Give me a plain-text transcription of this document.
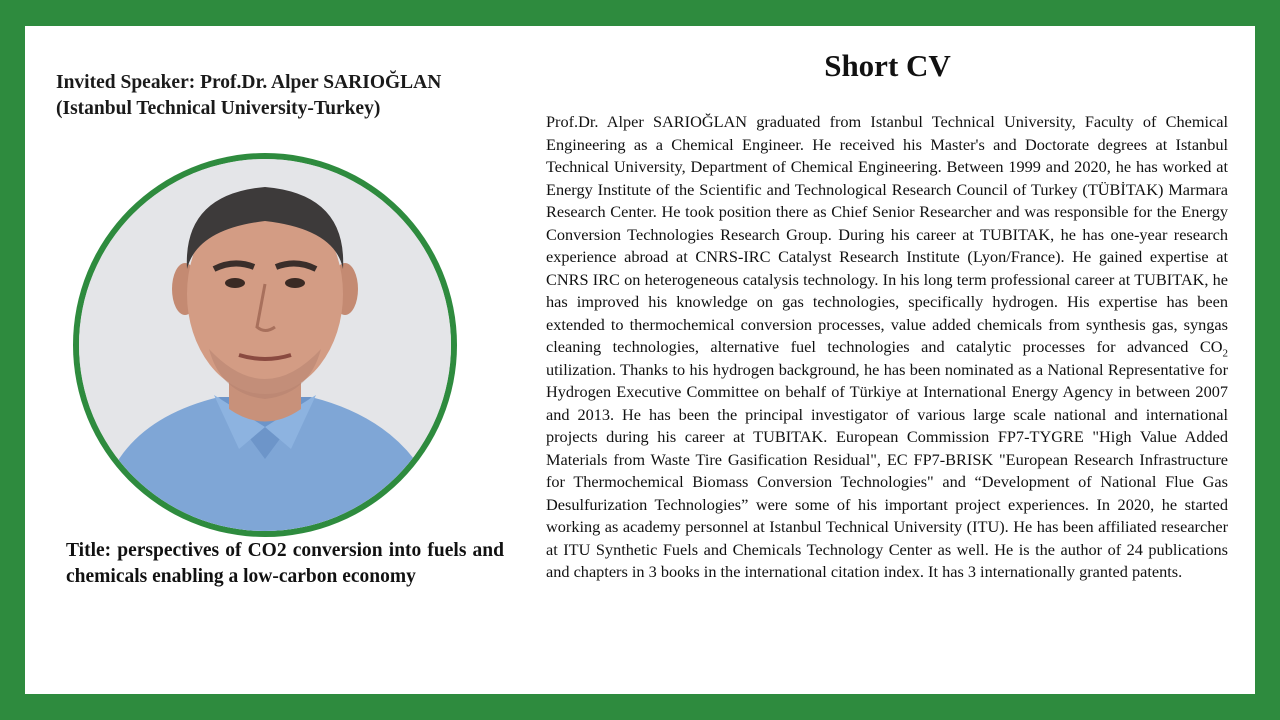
Invited Speaker: Prof.Dr. Alper SARIOĞLAN
(Istanbul Technical University-Turkey)
Title: perspectives of CO2 conversion into fuels and chemicals enabling a low-carbon economy
Short CV
Prof.Dr. Alper SARIOĞLAN graduated from Istanbul Technical University, Faculty of Chemical Engineering as a Chemical Engineer. He received his Master's and Doctorate degrees at Istanbul Technical University, Department of Chemical Engineering. Between 1999 and 2020, he has worked at Energy Institute of the Scientific and Technological Research Council of Turkey (TÜBİTAK) Marmara Research Center. He took position there as Chief Senior Researcher and was responsible for the Energy Conversion Technologies Research Group. During his career at TUBITAK, he has one-year research experience abroad at CNRS-IRC Catalyst Research Institute (Lyon/France). He gained expertise at CNRS IRC on heterogeneous catalysis technology. In his long term professional career at TUBITAK, he has improved his knowledge on gas technologies, specifically hydrogen. His expertise has been extended to thermochemical conversion processes, value added chemicals from synthesis gas, syngas cleaning technologies, alternative fuel technologies and catalytic processes for advanced $CO_2$ utilization. Thanks to his hydrogen background, he has been nominated as a National Representative for Hydrogen Executive Committee on behalf of Türkiye at International Energy Agency in between 2007 and 2013. He has been the principal investigator of various large scale national and international projects during his career at TUBITAK. European Commission FP7-TYGRE "High Value Added Materials from Waste Tire Gasification Residual", EC FP7-BRISK "European Research Infrastructure for Thermochemical Biomass Conversion Technologies" and “Development of National Flue Gas Desulfurization Technologies” were some of his important project experiences. In 2020, he started working as academy personnel at Istanbul Technical University (ITU). He has been affiliated researcher at ITU Synthetic Fuels and Chemicals Technology Center as well. He is the author of 24 publications and chapters in 3 books in the international citation index. It has 3 internationally granted patents.
